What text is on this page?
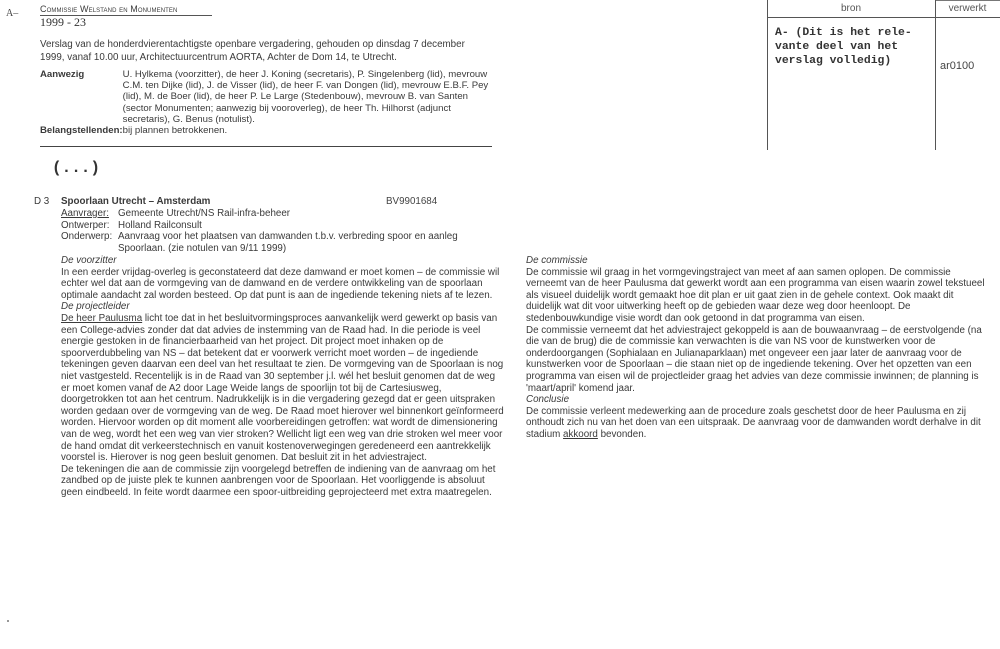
A– Commissie Welstand en Monumenten
1999 - 23
Verslag van de honderdvierentachtigste openbare vergadering, gehouden op dinsdag 7 december 1999, vanaf 10.00 uur, Architectuurcentrum AORTA, Achter de Dom 14, te Utrecht.
Aanwezig	U. Hylkema (voorzitter), de heer J. Koning (secretaris), P. Singelenberg (lid), mevrouw C.M. ten Dijke (lid), J. de Visser (lid), de heer F. van Dongen (lid), mevrouw E.B.F. Pey (lid), M. de Boer (lid), de heer P. Le Large (Stedenbouw), mevrouw B. van Santen (sector Monumenten; aanwezig bij vooroverleg), de heer Th. Hilhorst (adjunct secretaris), G. Benus (notulist).
Belangstellenden:	bij plannen betrokkenen.
(...)
bron	verwerkt
A- (Dit is het rele-vante deel van het verslag volledig)	ar0100
D 3 Spoorlaan Utrecht – Amsterdam	BV9901684
Aanvrager:	Gemeente Utrecht/NS Rail-infra-beheer
Ontwerper:	Holland Railconsult
Onderwerp:	Aanvraag voor het plaatsen van damwanden t.b.v. verbreding spoor en aanleg Spoorlaan. (zie notulen van 9/11 1999)

De voorzitter

In een eerder vrijdag-overleg is geconstateerd dat deze damwand er moet komen – de commissie wil echter wel dat aan de vormgeving van de damwand en de verdere ontwikkeling van de spoorlaan optimale aandacht zal worden besteed. Op dat punt is aan de ingediende tekening niets af te lezen.

De projectleider

De heer Paulusma licht toe dat in het besluitvormingsproces aanvankelijk werd gewerkt op basis van een College-advies zonder dat dat advies de instemming van de Raad had. In die periode is veel energie gestoken in de financierbaarheid van het project. Dit project moet inhaken op de spoorverdubbeling van NS – dat betekent dat er voorwerk verricht moet worden – de ingediende tekeningen geven daarvan een deel van het resultaat te zien. De vormgeving van de Spoorlaan is nog niet vastgesteld. Recentelijk is in de Raad van 30 september j.l. wél het besluit genomen dat de weg er moet komen vanaf de A2 door Lage Weide langs de spoorlijn tot bij de Cartesiusweg, doorgetrokken tot aan het centrum. Nadrukkelijk is in die vergadering gezegd dat er geen uitspraken worden gedaan over de vormgeving van de weg. De Raad moet hierover wel binnenkort geïnformeerd worden. Hiervoor worden op dit moment alle voorbereidingen getroffen: wat wordt de dimensionering van de weg, wordt het een weg van vier stroken? Wellicht ligt een weg van drie stroken wel meer voor de hand omdat dit verkeerstechnisch en vanuit kostenoverwegingen geredeneerd een aantrekkelijk voorstel is. Hierover is nog geen besluit genomen. Dat besluit zit in het adviestraject.

De tekeningen die aan de commissie zijn voorgelegd betreffen de indiening van de aanvraag om het zandbed op de juiste plek te kunnen aanbrengen voor de Spoorlaan. Het voorliggende is absoluut geen eindbeeld. In feite wordt daarmee een spoor-uitbreiding geprojecteerd met extra maatregelen.

De commissie

De commissie wil graag in het vormgevingstraject van meet af aan samen oplopen. De commissie verneemt van de heer Paulusma dat gewerkt wordt aan een programma van eisen waarin zowel tekstueel als visueel duidelijk wordt gemaakt hoe dit plan er uit gaat zien in de gehele context. Ook maakt dit duidelijk wat dit voor uitwerking heeft op de gebieden waar deze weg door heenloopt. De stedenbouwkundige visie wordt dan ook getoond in dat programma van eisen.

De commissie verneemt dat het adviestraject gekoppeld is aan de bouwaanvraag – de eerstvolgende (na die van de brug) die de commissie kan verwachten is die van NS voor de kunstwerken voor de onderdoorgangen (Sophialaan en Julianaparklaan) met ongeveer een jaar later de aanvraag voor de kunstwerken voor de Spoorlaan – die staan niet op de ingediende tekening. Over het opzetten van een programma van eisen wil de projectleider graag het advies van deze commissie inwinnen; de planning is 'maart/april' komend jaar.

Conclusie

De commissie verleent medewerking aan de procedure zoals geschetst door de heer Paulusma en zij onthoudt zich nu van het doen van een uitspraak. De aanvraag voor de damwanden wordt derhalve in dit stadium akkoord bevonden.
